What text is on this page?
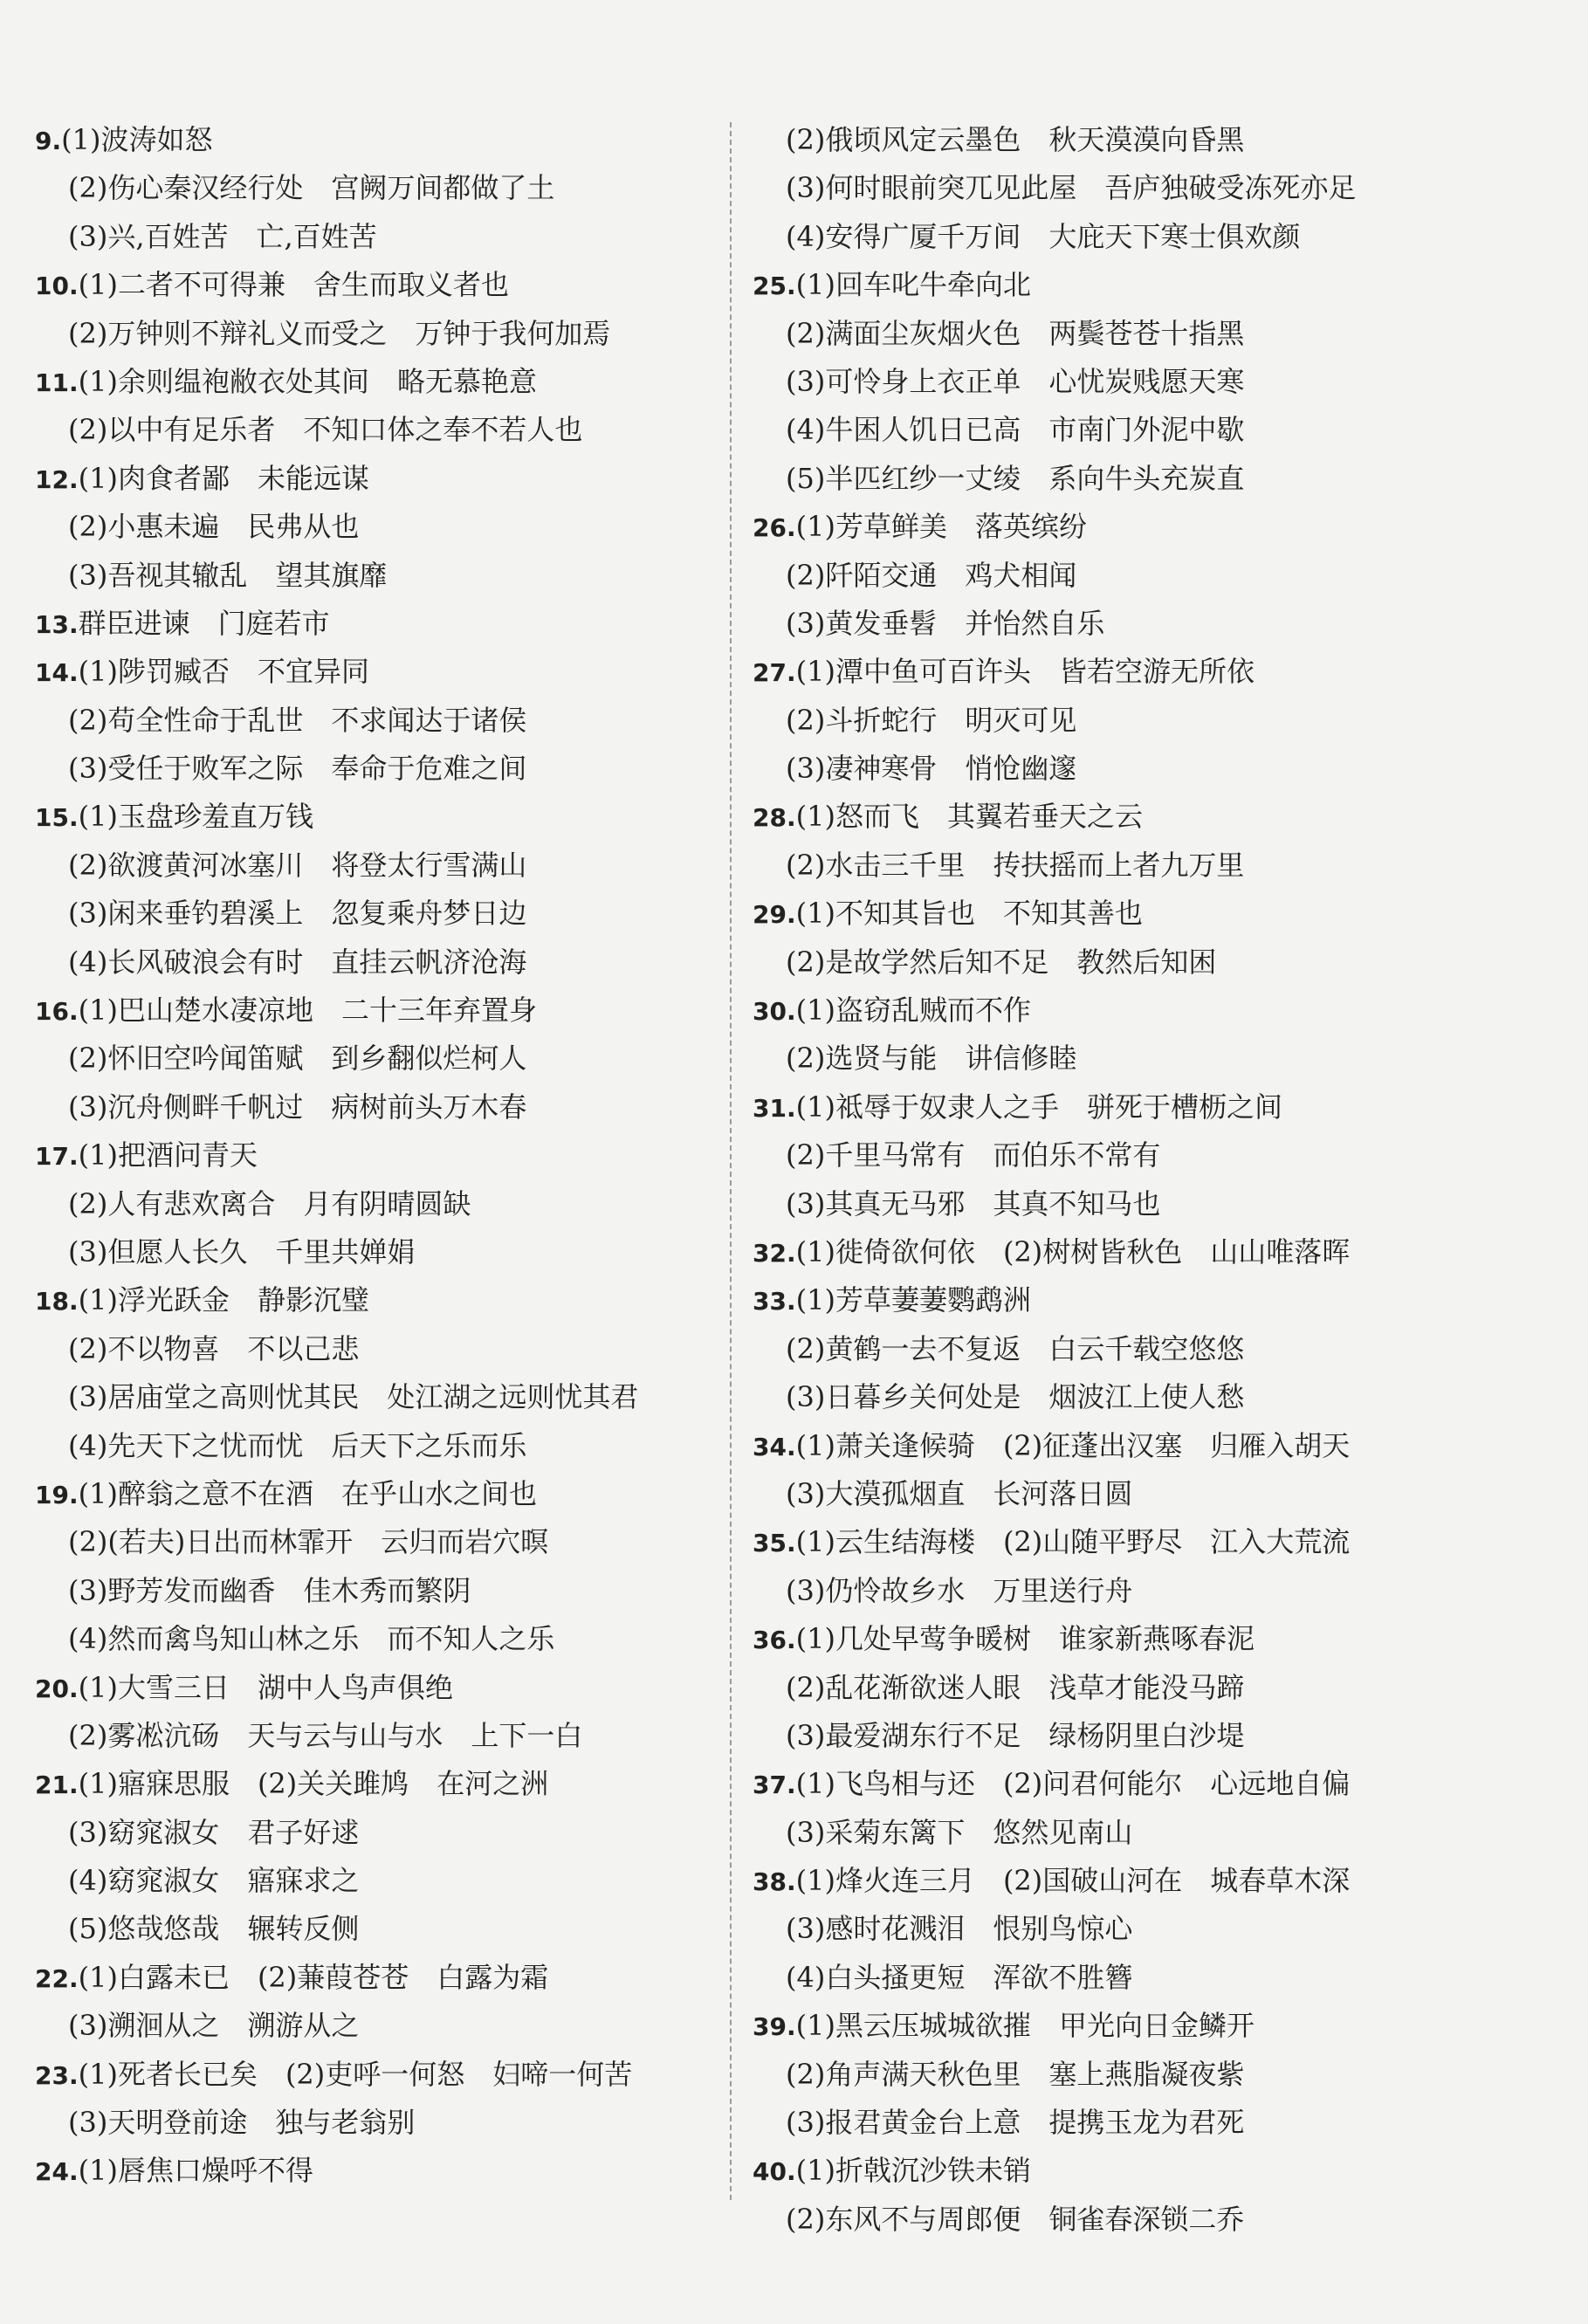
9.(1)波涛如怒
(2)伤心秦汉经行处　宫阙万间都做了土
(3)兴,百姓苦　亡,百姓苦
10.(1)二者不可得兼　舍生而取义者也
(2)万钟则不辩礼义而受之　万钟于我何加焉
11.(1)余则缊袍敝衣处其间　略无慕艳意
(2)以中有足乐者　不知口体之奉不若人也
12.(1)肉食者鄙　未能远谋
(2)小惠未遍　民弗从也
(3)吾视其辙乱　望其旗靡
13.群臣进谏　门庭若市
14.(1)陟罚臧否　不宜异同
(2)苟全性命于乱世　不求闻达于诸侯
(3)受任于败军之际　奉命于危难之间
15.(1)玉盘珍羞直万钱
(2)欲渡黄河冰塞川　将登太行雪满山
(3)闲来垂钓碧溪上　忽复乘舟梦日边
(4)长风破浪会有时　直挂云帆济沧海
16.(1)巴山楚水凄凉地　二十三年弃置身
(2)怀旧空吟闻笛赋　到乡翻似烂柯人
(3)沉舟侧畔千帆过　病树前头万木春
17.(1)把酒问青天
(2)人有悲欢离合　月有阴晴圆缺
(3)但愿人长久　千里共婵娟
18.(1)浮光跃金　静影沉璧
(2)不以物喜　不以己悲
(3)居庙堂之高则忧其民　处江湖之远则忧其君
(4)先天下之忧而忧　后天下之乐而乐
19.(1)醉翁之意不在酒　在乎山水之间也
(2)(若夫)日出而林霏开　云归而岩穴暝
(3)野芳发而幽香　佳木秀而繁阴
(4)然而禽鸟知山林之乐　而不知人之乐
20.(1)大雪三日　湖中人鸟声俱绝
(2)雾凇沆砀　天与云与山与水　上下一白
21.(1)寤寐思服　(2)关关雎鸠　在河之洲
(3)窈窕淑女　君子好逑
(4)窈窕淑女　寤寐求之
(5)悠哉悠哉　辗转反侧
22.(1)白露未已　(2)蒹葭苍苍　白露为霜
(3)溯洄从之　溯游从之
23.(1)死者长已矣　(2)吏呼一何怒　妇啼一何苦
(3)天明登前途　独与老翁别
24.(1)唇焦口燥呼不得
(2)俄顷风定云墨色　秋天漠漠向昏黑
(3)何时眼前突兀见此屋　吾庐独破受冻死亦足
(4)安得广厦千万间　大庇天下寒士俱欢颜
25.(1)回车叱牛牵向北
(2)满面尘灰烟火色　两鬓苍苍十指黑
(3)可怜身上衣正单　心忧炭贱愿天寒
(4)牛困人饥日已高　市南门外泥中歇
(5)半匹红纱一丈绫　系向牛头充炭直
26.(1)芳草鲜美　落英缤纷
(2)阡陌交通　鸡犬相闻
(3)黄发垂髫　并怡然自乐
27.(1)潭中鱼可百许头　皆若空游无所依
(2)斗折蛇行　明灭可见
(3)凄神寒骨　悄怆幽邃
28.(1)怒而飞　其翼若垂天之云
(2)水击三千里　抟扶摇而上者九万里
29.(1)不知其旨也　不知其善也
(2)是故学然后知不足　教然后知困
30.(1)盗窃乱贼而不作
(2)选贤与能　讲信修睦
31.(1)祗辱于奴隶人之手　骈死于槽枥之间
(2)千里马常有　而伯乐不常有
(3)其真无马邪　其真不知马也
32.(1)徙倚欲何依　(2)树树皆秋色　山山唯落晖
33.(1)芳草萋萋鹦鹉洲
(2)黄鹤一去不复返　白云千载空悠悠
(3)日暮乡关何处是　烟波江上使人愁
34.(1)萧关逢候骑　(2)征蓬出汉塞　归雁入胡天
(3)大漠孤烟直　长河落日圆
35.(1)云生结海楼　(2)山随平野尽　江入大荒流
(3)仍怜故乡水　万里送行舟
36.(1)几处早莺争暖树　谁家新燕啄春泥
(2)乱花渐欲迷人眼　浅草才能没马蹄
(3)最爱湖东行不足　绿杨阴里白沙堤
37.(1)飞鸟相与还　(2)问君何能尔　心远地自偏
(3)采菊东篱下　悠然见南山
38.(1)烽火连三月　(2)国破山河在　城春草木深
(3)感时花溅泪　恨别鸟惊心
(4)白头搔更短　浑欲不胜簪
39.(1)黑云压城城欲摧　甲光向日金鳞开
(2)角声满天秋色里　塞上燕脂凝夜紫
(3)报君黄金台上意　提携玉龙为君死
40.(1)折戟沉沙铁未销
(2)东风不与周郎便　铜雀春深锁二乔
